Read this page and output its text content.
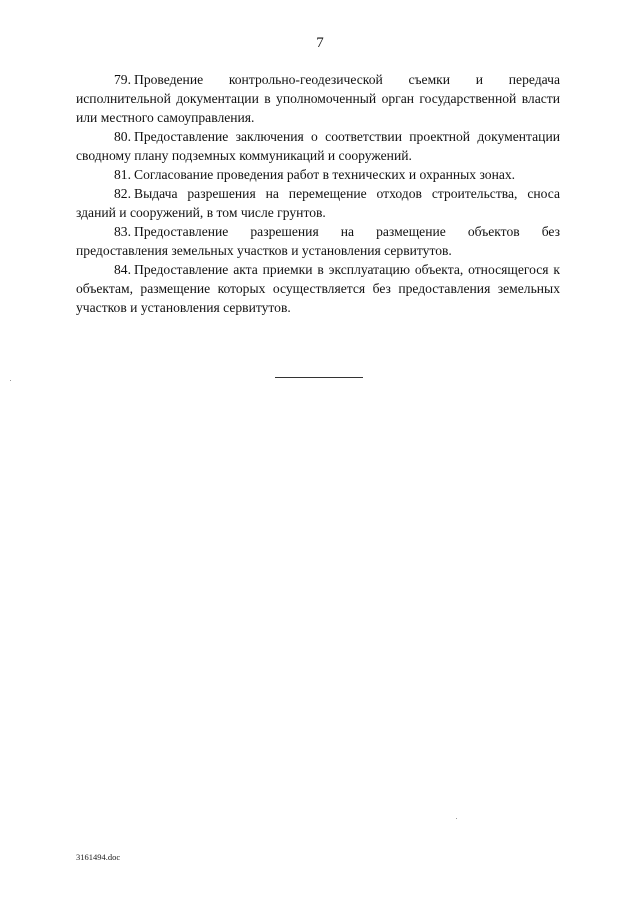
7

79. Проведение контрольно-геодезической съемки и передача исполнительной документации в уполномоченный орган государственной власти или местного самоуправления.

80. Предоставление заключения о соответствии проектной документации сводному плану подземных коммуникаций и сооружений.

81. Согласование проведения работ в технических и охранных зонах.

82. Выдача разрешения на перемещение отходов строительства, сноса зданий и сооружений, в том числе грунтов.

83. Предоставление разрешения на размещение объектов без предоставления земельных участков и установления сервитутов.

84. Предоставление акта приемки в эксплуатацию объекта, относящегося к объектам, размещение которых осуществляется без предоставления земельных участков и установления сервитутов.

3161494.doc
